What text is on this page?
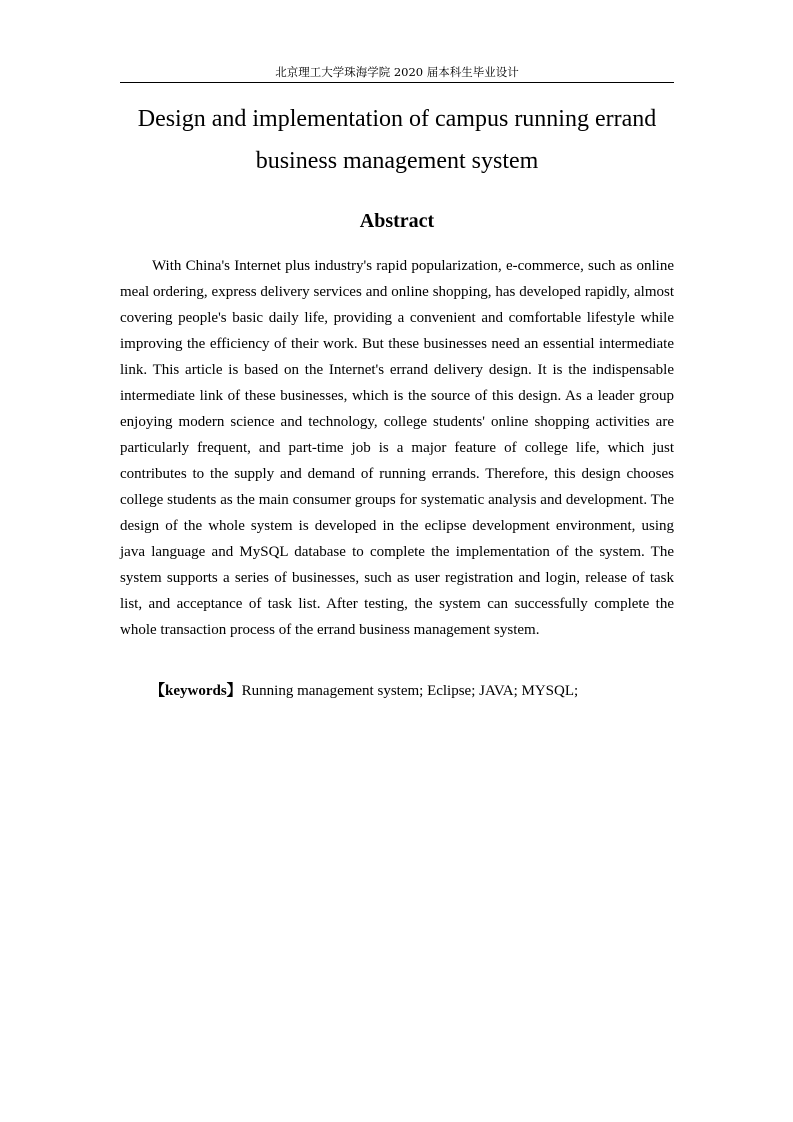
北京理工大学珠海学院 2020 届本科生毕业设计
Design and implementation of campus running errand
business management system
Abstract

With China's Internet plus industry's rapid popularization, e-commerce, such as online meal ordering, express delivery services and online shopping, has developed rapidly, almost covering people's basic daily life, providing a convenient and comfortable lifestyle while improving the efficiency of their work. But these businesses need an essential intermediate link. This article is based on the Internet's errand delivery design. It is the indispensable intermediate link of these businesses, which is the source of this design. As a leader group enjoying modern science and technology, college students' online shopping activities are particularly frequent, and part-time job is a major feature of college life, which just contributes to the supply and demand of running errands. Therefore, this design chooses college students as the main consumer groups for systematic analysis and development. The design of the whole system is developed in the eclipse development environment, using java language and MySQL database to complete the implementation of the system. The system supports a series of businesses, such as user registration and login, release of task list, and acceptance of task list. After testing, the system can successfully complete the whole transaction process of the errand business management system.

【keywords】Running management system; Eclipse; JAVA; MYSQL;
